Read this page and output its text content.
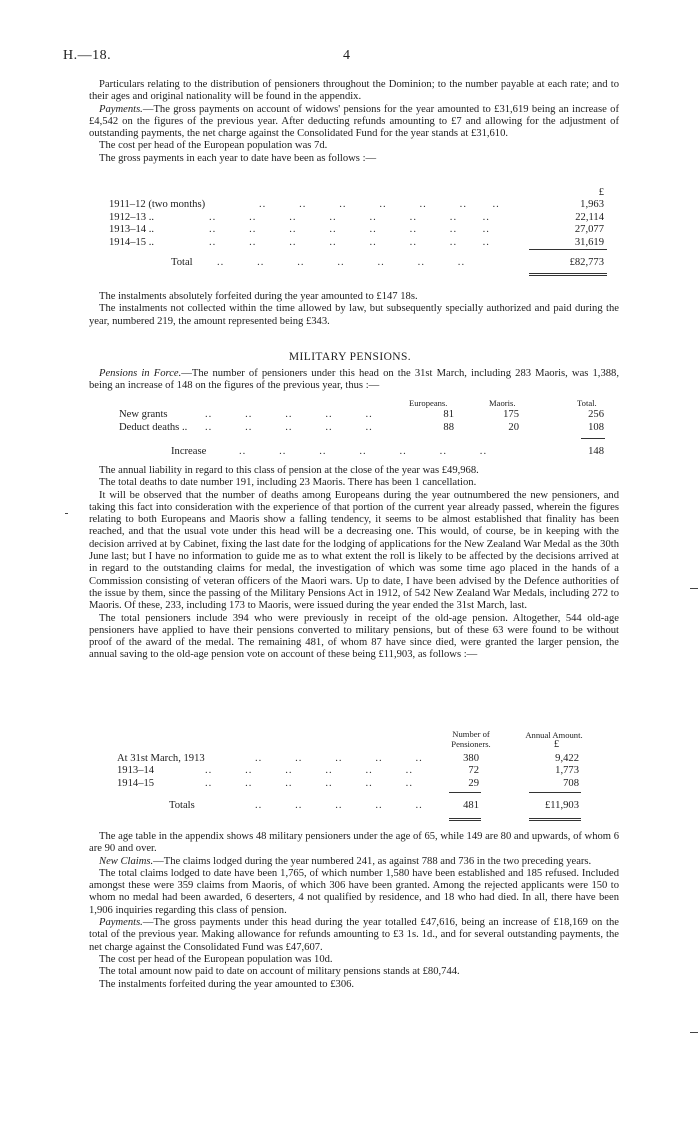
H.—18.	4

Particulars relating to the distribution of pensioners throughout the Dominion; to the number payable at each rate; and to their ages and original nationality will be found in the appendix.

Payments.—The gross payments on account of widows' pensions for the year amounted to £31,619 being an increase of £4,542 on the figures of the previous year. After deducting refunds amounting to £7 and allowing for the adjustment of outstanding payments, the net charge against the Consolidated Fund for the year stands at £31,610.

The cost per head of the European population was 7d.

The gross payments in each year to date have been as follows :—

£
1911–12 (two months)	..         ..         ..         ..         ..         ..       ..	1,963
1912–13 ..	..         ..         ..         ..         ..         ..         ..       ..	22,114
1913–14 ..	..         ..         ..         ..         ..         ..         ..       ..	27,077
1914–15 ..	..         ..         ..         ..         ..         ..         ..       ..	31,619
Total ..         ..         ..         ..         ..         ..         ..	£82,773

The instalments absolutely forfeited during the year amounted to £147 18s.

The instalments not collected within the time allowed by law, but subsequently specially authorized and paid during the year, numbered 219, the amount represented being £343.

MILITARY PENSIONS.

Pensions in Force.—The number of pensioners under this head on the 31st March, including 283 Maoris, was 1,388, being an increase of 148 on the figures of the previous year, thus :—

Europeans.	Maoris.	Total.
New grants	..         ..         ..         ..         ..	81	175	256
Deduct deaths .. ..         ..         ..         ..         ..	88	20	108
Increase	..         ..         ..         ..         ..         ..         ..	148

The annual liability in regard to this class of pension at the close of the year was £49,968.

The total deaths to date number 191, including 23 Maoris. There has been 1 cancellation.

It will be observed that the number of deaths among Europeans during the year outnumbered the new pensioners, and taking this fact into consideration with the experience of that portion of the current year already passed, wherein the figures relating to both Europeans and Maoris show a falling tendency, it seems to be almost established that finality has been reached, and that the usual vote under this head will be a decreasing one. This would, of course, be in keeping with the decision arrived at by Cabinet, fixing the last date for the lodging of applications for the New Zealand War Medal as the 30th June last; but I have no information to guide me as to what extent the roll is likely to be affected by the decisions arrived at in regard to the outstanding claims for medal, the investigation of which was some time ago placed in the hands of a Commission consisting of veteran officers of the Maori wars. Up to date, I have been advised by the Defence authorities of the issue by them, since the passing of the Military Pensions Act in 1912, of 542 New Zealand War Medals, including 272 to Maoris. Of these, 233, including 173 to Maoris, were issued during the year ended the 31st March, last.

The total pensioners include 394 who were previously in receipt of the old-age pension. Altogether, 544 old-age pensioners have applied to have their pensions converted to military pensions, but of these 63 were found to be without proof of the award of the medal. The remaining 481, of whom 87 have since died, were granted the larger pension, the annual saving to the old-age pension vote on account of these being £11,903, as follows :—

Number of Pensioners.
Annual Amount.
£
At 31st March, 1913	..         ..         ..         ..         ..	380	9,422
1913–14	..         ..         ..         ..         ..         ..	72	1,773
1914–15	..         ..         ..         ..         ..         ..	29	708
Totals	..         ..         ..         ..         ..	481	£11,903

The age table in the appendix shows 48 military pensioners under the age of 65, while 149 are 80 and upwards, of whom 6 are 90 and over.

New Claims.—The claims lodged during the year numbered 241, as against 788 and 736 in the two preceding years.

The total claims lodged to date have been 1,765, of which number 1,580 have been established and 185 refused. Included amongst these were 359 claims from Maoris, of which 306 have been granted. Among the rejected applicants were 150 to whom no medal had been awarded, 6 deserters, 4 not qualified by residence, and 18 who had died. In all, there have been 1,906 inquiries regarding this class of pension.

Payments.—The gross payments under this head during the year totalled £47,616, being an increase of £18,169 on the total of the previous year. Making allowance for refunds amounting to £3 1s. 1d., and for several outstanding payments, the net charge against the Consolidated Fund was £47,607.

The cost per head of the European population was 10d.

The total amount now paid to date on account of military pensions stands at £80,744.

The instalments forfeited during the year amounted to £306.
